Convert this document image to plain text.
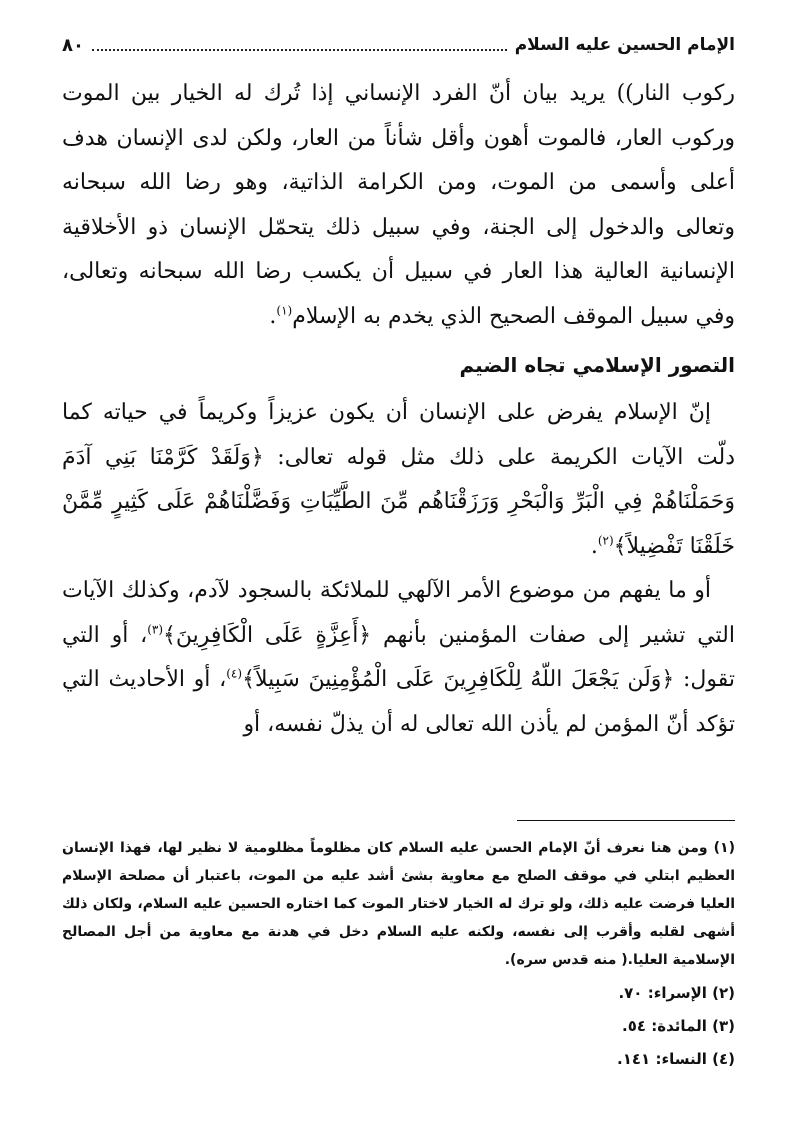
الإمام الحسين عليه السلام
٨٠

ركوب النار)) يريد بيان أنّ الفرد الإنساني إذا تُرك له الخيار بين الموت وركوب العار، فالموت أهون وأقل شأناً من العار، ولكن لدى الإنسان هدف أعلى وأسمى من الموت، ومن الكرامة الذاتية، وهو رضا الله سبحانه وتعالى والدخول إلى الجنة، وفي سبيل ذلك يتحمّل الإنسان ذو الأخلاقية الإنسانية العالية هذا العار في سبيل أن يكسب رضا الله سبحانه وتعالى، وفي سبيل الموقف الصحيح الذي يخدم به الإسلام$^{(١)}$.

التصور الإسلامي تجاه الضيم

إنّ الإسلام يفرض على الإنسان أن يكون عزيزاً وكريماً في حياته كما دلّت الآيات الكريمة على ذلك مثل قوله تعالى: ﴿وَلَقَدْ كَرَّمْنَا بَنِي آدَمَ وَحَمَلْنَاهُمْ فِي الْبَرِّ وَالْبَحْرِ وَرَزَقْنَاهُم مِّنَ الطَّيِّبَاتِ وَفَضَّلْنَاهُمْ عَلَى كَثِيرٍ مِّمَّنْ خَلَقْنَا تَفْضِيلاً﴾$^{(٢)}$.

أو ما يفهم من موضوع الأمر الآلهي للملائكة بالسجود لآدم، وكذلك الآيات التي تشير إلى صفات المؤمنين بأنهم ﴿أَعِزَّةٍ عَلَى الْكَافِرِينَ﴾$^{(٣)}$، أو التي تقول: ﴿وَلَن يَجْعَلَ اللّهُ لِلْكَافِرِينَ عَلَى الْمُؤْمِنِينَ سَبِيلاً﴾$^{(٤)}$، أو الأحاديث التي تؤكد أنّ المؤمن لم يأذن الله تعالى له أن يذلّ نفسه، أو

(١) ومن هنا نعرف أنّ الإمام الحسن عليه السلام كان مظلوماً مظلومية لا نظير لها، فهذا الإنسان العظيم ابتلي في موقف الصلح مع معاوية بشئ أشد عليه من الموت، باعتبار أن مصلحة الإسلام العليا فرضت عليه ذلك، ولو ترك له الخيار لاختار الموت كما اختاره الحسين عليه السلام، ولكان ذلك أشهى لقلبه وأقرب إلى نفسه، ولكنه عليه السلام دخل في هدنة مع معاوية من أجل المصالح الإسلامية العليا.( منه قدس سره).

(٢) الإسراء: ٧٠.

(٣) المائدة: ٥٤.

(٤) النساء: ١٤١.
